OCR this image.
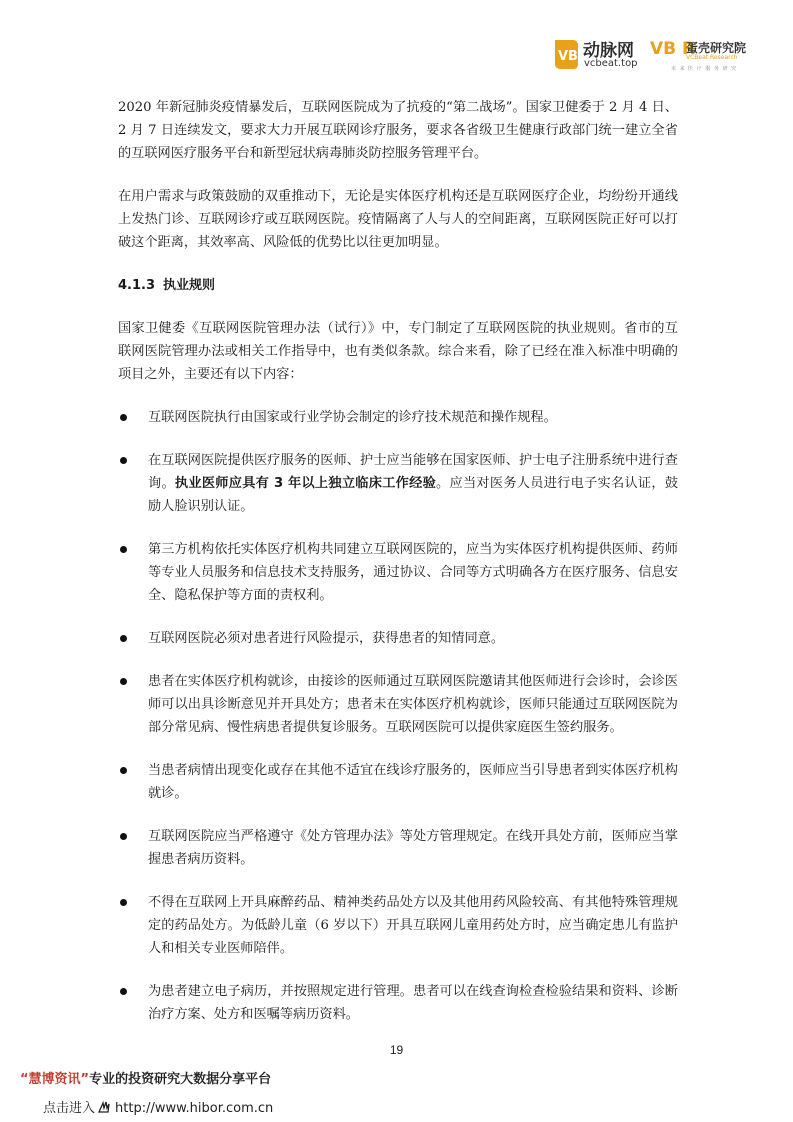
VB 动脉网
vcbeat.top
VB R
蛋壳研究院
VCBeat Research
未 来 医 疗 服 务 研 究

2020 年新冠肺炎疫情暴发后，互联网医院成为了抗疫的“第二战场”。国家卫健委于 2 月 4 日、2 月 7 日连续发文，要求大力开展互联网诊疗服务，要求各省级卫生健康行政部门统一建立全省的互联网医疗服务平台和新型冠状病毒肺炎防控服务管理平台。

在用户需求与政策鼓励的双重推动下，无论是实体医疗机构还是互联网医疗企业，均纷纷开通线上发热门诊、互联网诊疗或互联网医院。疫情隔离了人与人的空间距离，互联网医院正好可以打破这个距离，其效率高、风险低的优势比以往更加明显。

4.1.3 执业规则

国家卫健委《互联网医院管理办法（试行）》中，专门制定了互联网医院的执业规则。省市的互联网医院管理办法或相关工作指导中，也有类似条款。综合来看，除了已经在准入标准中明确的项目之外，主要还有以下内容：

互联网医院执行由国家或行业学协会制定的诊疗技术规范和操作规程。
在互联网医院提供医疗服务的医师、护士应当能够在国家医师、护士电子注册系统中进行查询。执业医师应具有 3 年以上独立临床工作经验。应当对医务人员进行电子实名认证，鼓励人脸识别认证。
第三方机构依托实体医疗机构共同建立互联网医院的，应当为实体医疗机构提供医师、药师等专业人员服务和信息技术支持服务，通过协议、合同等方式明确各方在医疗服务、信息安全、隐私保护等方面的责权利。
互联网医院必须对患者进行风险提示，获得患者的知情同意。
患者在实体医疗机构就诊，由接诊的医师通过互联网医院邀请其他医师进行会诊时，会诊医师可以出具诊断意见并开具处方；患者未在实体医疗机构就诊，医师只能通过互联网医院为部分常见病、慢性病患者提供复诊服务。互联网医院可以提供家庭医生签约服务。
当患者病情出现变化或存在其他不适宜在线诊疗服务的，医师应当引导患者到实体医疗机构就诊。
互联网医院应当严格遵守《处方管理办法》等处方管理规定。在线开具处方前，医师应当掌握患者病历资料。
不得在互联网上开具麻醉药品、精神类药品处方以及其他用药风险较高、有其他特殊管理规定的药品处方。为低龄儿童（6 岁以下）开具互联网儿童用药处方时，应当确定患儿有监护人和相关专业医师陪伴。
为患者建立电子病历，并按照规定进行管理。患者可以在线查询检查检验结果和资料、诊断治疗方案、处方和医嘱等病历资料。
19
“慧博资讯”专业的投资研究大数据分享平台
点击进入 http://www.hibor.com.cn
